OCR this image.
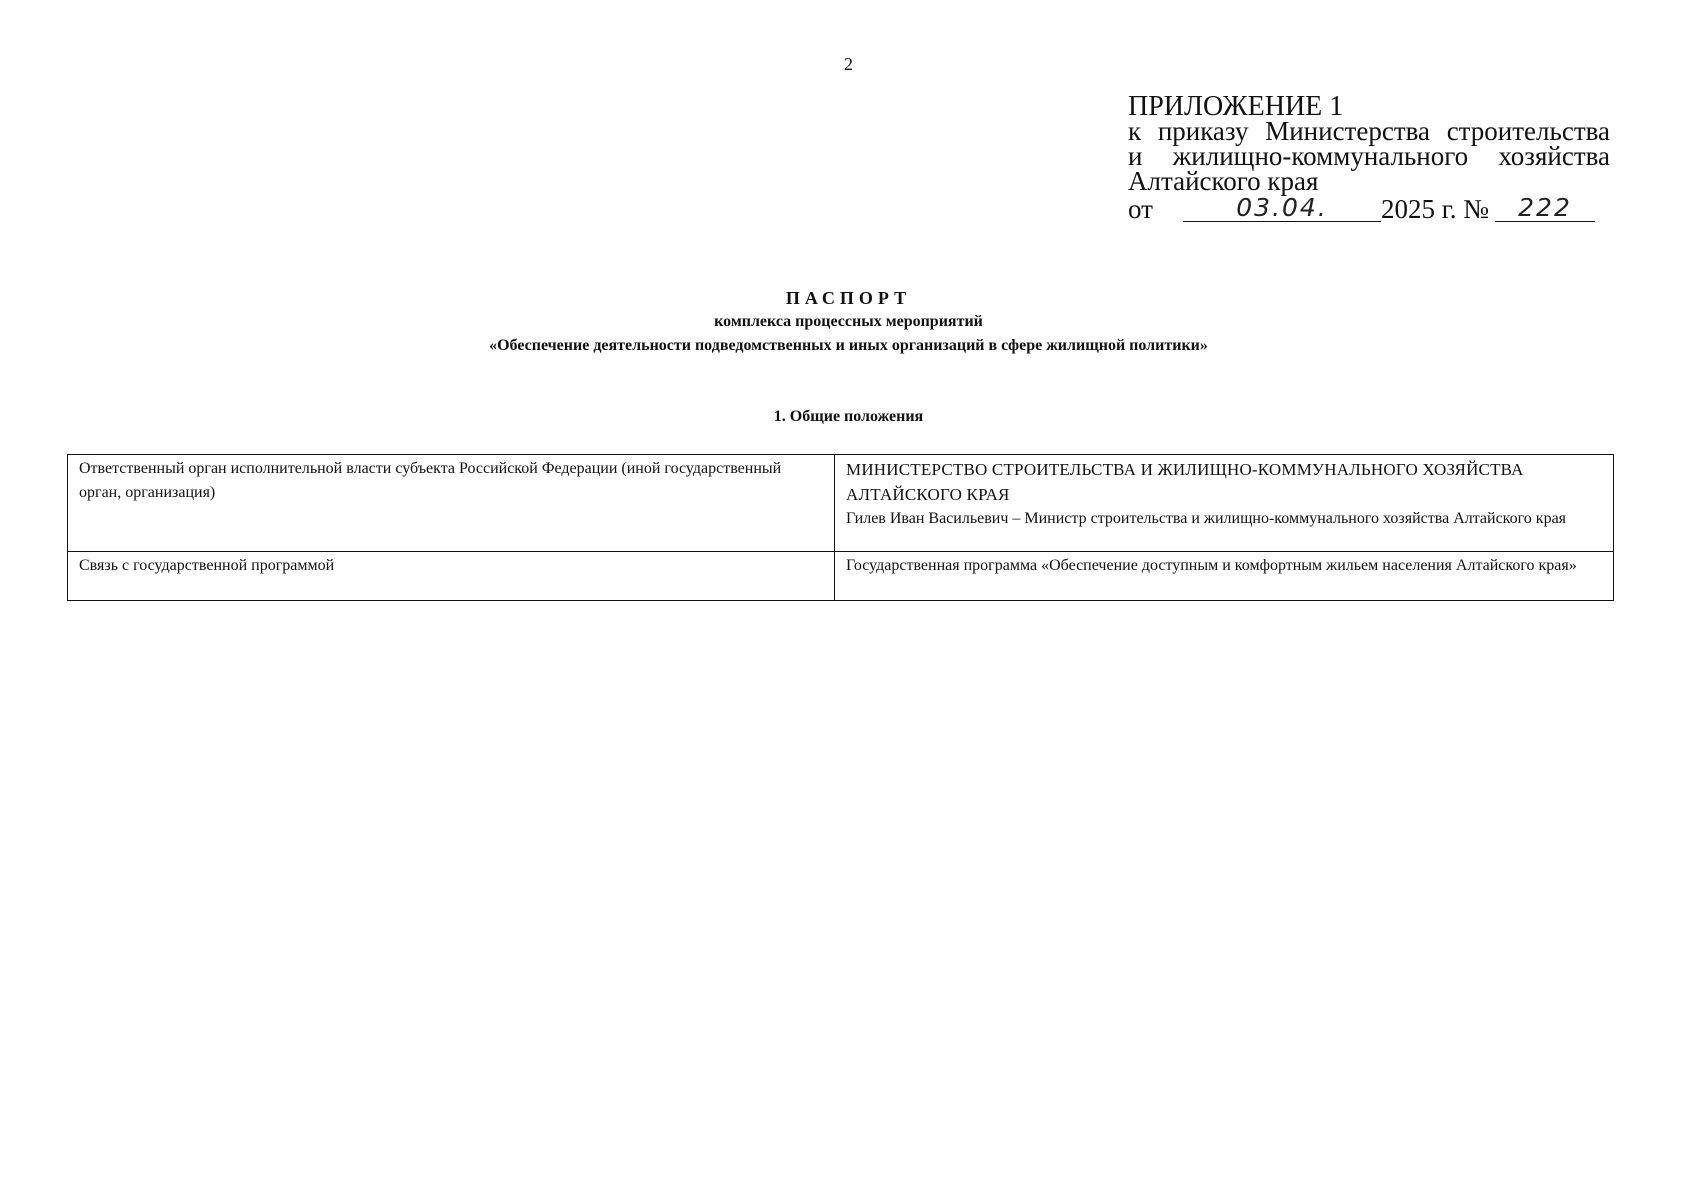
2
ПРИЛОЖЕНИЕ 1
к приказу Министерства строительства
и жилищно-коммунального хозяйства
Алтайского края
от	03.04.	2025 г. №	222
ПАСПОРТ
комплекса процессных мероприятий
«Обеспечение деятельности подведомственных и иных организаций в сфере жилищной политики»
1. Общие положения
Ответственный орган исполнительной власти субъекта Российской Федерации (иной государственный орган, организация)	МИНИСТЕРСТВО СТРОИТЕЛЬСТВА И ЖИЛИЩНО-КОММУНАЛЬНОГО ХОЗЯЙСТВА АЛТАЙСКОГО КРАЯ
Гилев Иван Васильевич – Министр строительства и жилищно-коммунального хозяйства Алтайского края

Связь с государственной программой	Государственная программа «Обеспечение доступным и комфортным жильем населения Алтайского края»
